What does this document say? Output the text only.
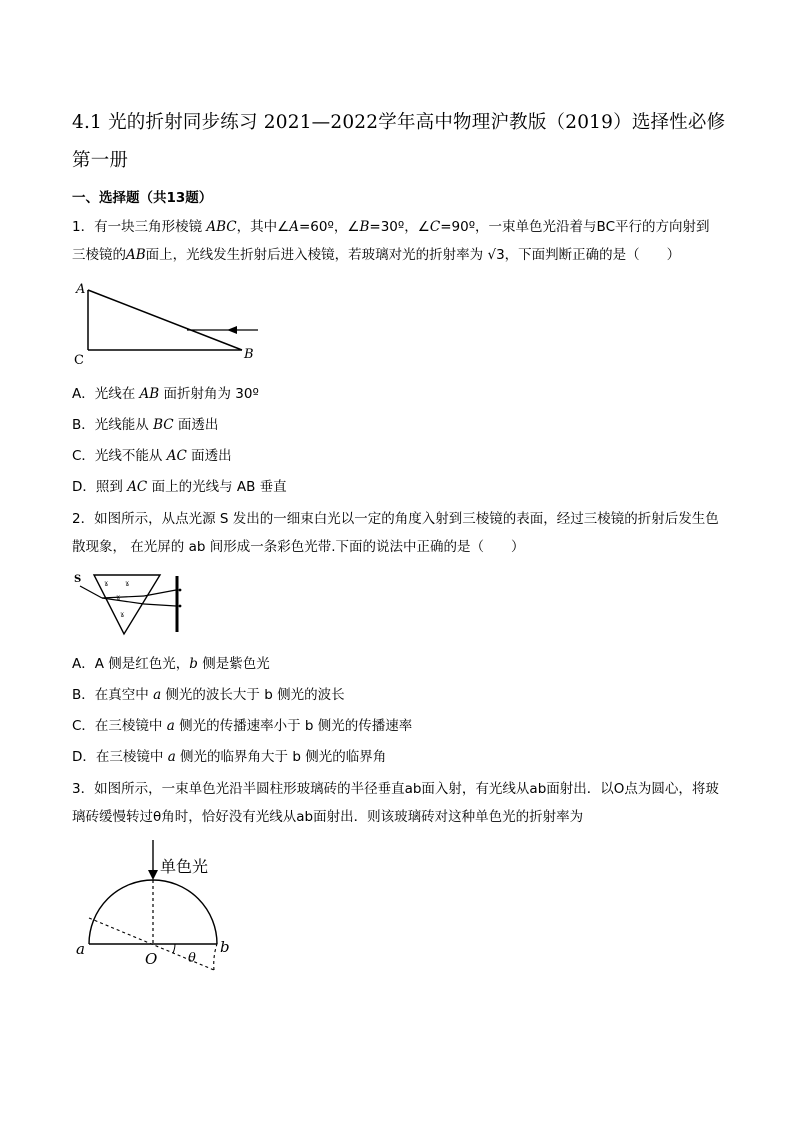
4.1 光的折射同步练习 2021—2022学年高中物理沪教版（2019）选择性必修第一册
一、选择题（共13题）
1．有一块三角形棱镜 ABC，其中∠A=60º，∠B=30º，∠C=90º，一束单色光沿着与BC平行的方向射到三棱镜的AB面上，光线发生折射后进入棱镜，若玻璃对光的折射率为 √3，下面判断正确的是（　　）
A
C	B
A．光线在 AB 面折射角为 30º
B．光线能从 BC 面透出
C．光线不能从 AC 面透出
D．照到 AC 面上的光线与 AB 垂直
2．如图所示，从点光源 S 发出的一细束白光以一定的角度入射到三棱镜的表面，经过三棱镜的折射后发生色散现象， 在光屏的 ab 间形成一条彩色光带.下面的说法中正确的是（　　）
S	ɤ ɤ
ɤ
ɤ
A．A 侧是红色光，b 侧是紫色光
B．在真空中 a 侧光的波长大于 b 侧光的波长
C．在三棱镜中 a 侧光的传播速率小于 b 侧光的传播速率
D．在三棱镜中 a 侧光的临界角大于 b 侧光的临界角
3．如图所示，一束单色光沿半圆柱形玻璃砖的半径垂直ab面入射，有光线从ab面射出．以O点为圆心，将玻璃砖缓慢转过θ角时，恰好没有光线从ab面射出．则该玻璃砖对这种单色光的折射率为
单色光
a	b
O θ
